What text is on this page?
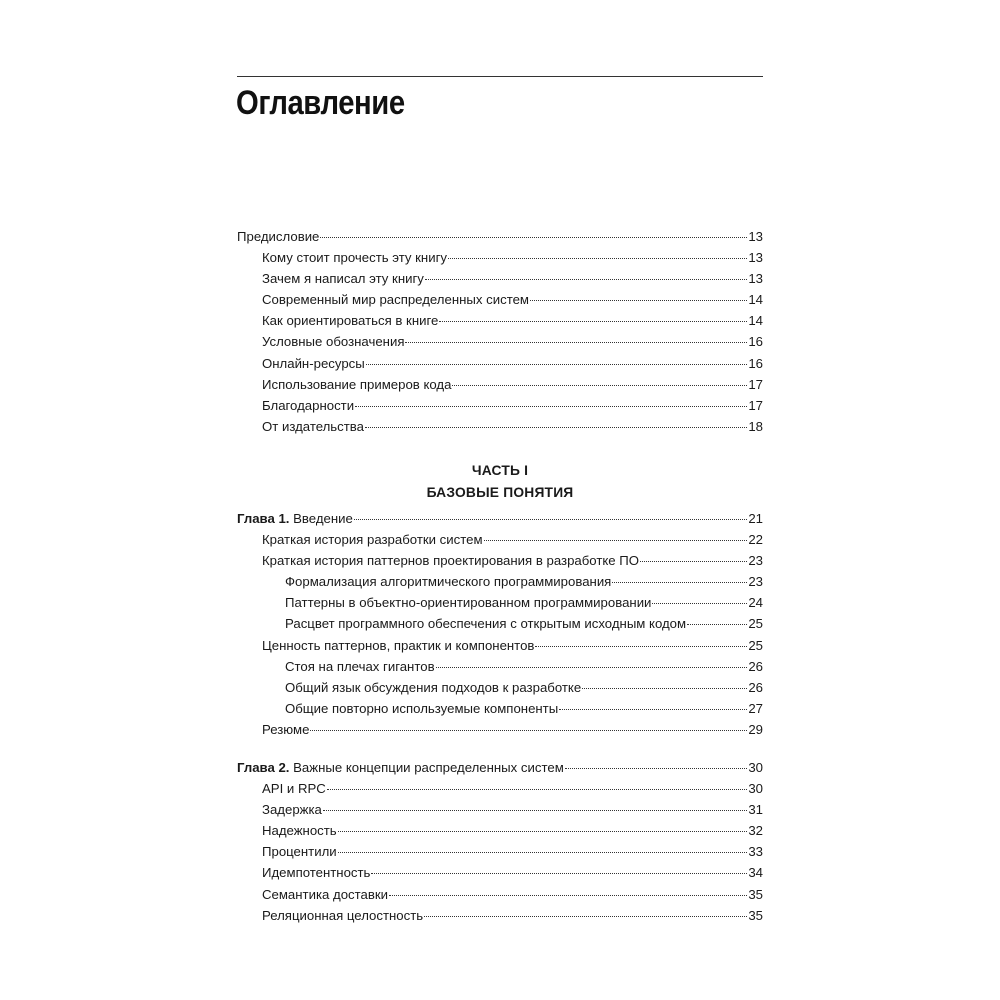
Оглавление
Предисловие	13
Кому стоит прочесть эту книгу	13
Зачем я написал эту книгу	13
Современный мир распределенных систем	14
Как ориентироваться в книге	14
Условные обозначения	16
Онлайн-ресурсы	16
Использование примеров кода	17
Благодарности	17
От издательства	18
ЧАСТЬ I
БАЗОВЫЕ ПОНЯТИЯ
Глава 1. Введение	21
Краткая история разработки систем	22
Краткая история паттернов проектирования в разработке ПО	23
Формализация алгоритмического программирования	23
Паттерны в объектно-ориентированном программировании	24
Расцвет программного обеспечения с открытым исходным кодом	25
Ценность паттернов, практик и компонентов	25
Стоя на плечах гигантов	26
Общий язык обсуждения подходов к разработке	26
Общие повторно используемые компоненты	27
Резюме	29
Глава 2. Важные концепции распределенных систем	30
API и RPC	30
Задержка	31
Надежность	32
Процентили	33
Идемпотентность	34
Семантика доставки	35
Реляционная целостность	35
